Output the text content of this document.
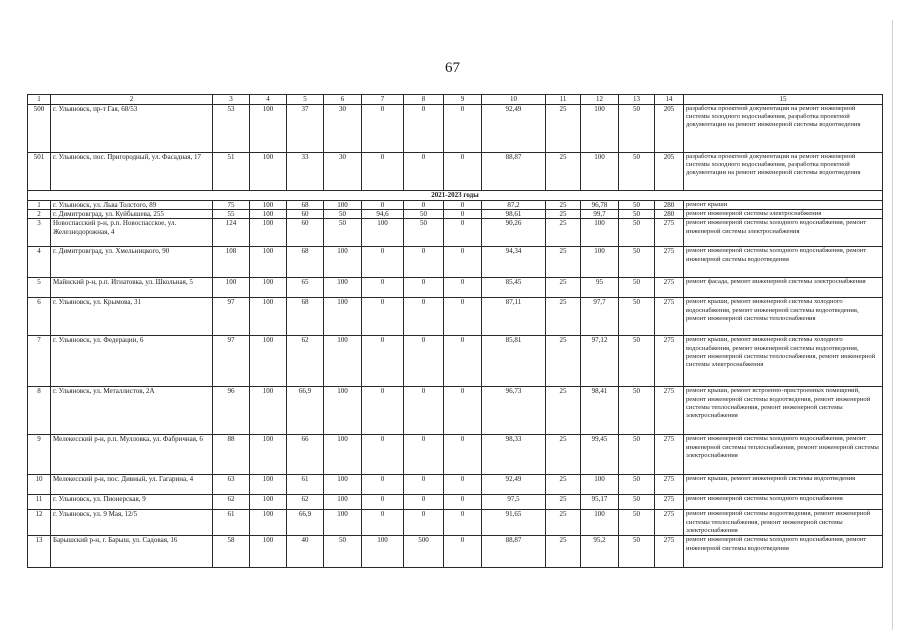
67
1	2	3	4	5	6	7	8	9	10	11	12	13	14	15
500	г. Ульяновск, пр-т Гая, 68/53	53	100	37	30	0	0	0	92,49	25	100	50	205	разработка проектной документации на ремонт инженерной системы холодного водоснабжения, разработка проектной документации на ремонт инженерной системы водоотведения
501	г. Ульяновск, пос. Пригородный, ул. Фасадная, 17	51	100	33	30	0	0	0	88,87	25	100	50	205	разработка проектной документации на ремонт инженерной системы холодного водоснабжения, разработка проектной документации на ремонт инженерной системы водоотведения
2021-2023 годы														
1	г. Ульяновск, ул. Льва Толстого, 89	75	100	68	100	0	0	0	87,2	25	96,78	50	280	ремонт крыши
2	г. Димитровград, ул. Куйбышева, 255	55	100	60	50	94,6	50	0	98,61	25	99,7	50	280	ремонт инженерной системы электроснабжения
3	Новоспасский р-н, р.п. Новоспасское, ул. Железнодорожная, 4	124	100	60	50	100	50	0	90,26	25	100	50	275	ремонт инженерной системы холодного водоснабжения, ремонт инженерной системы электроснабжения
4	г. Димитровград, ул. Хмельницкого, 90	108	100	68	100	0	0	0	94,34	25	100	50	275	ремонт инженерной системы холодного водоснабжения, ремонт инженерной системы водоотведения
5	Майнский р-н, р.п. Игнатовка, ул. Школьная, 5	100	100	65	100	0	0	0	85,45	25	95	50	275	ремонт фасада, ремонт инженерной системы электроснабжения
6	г. Ульяновск, ул. Крымова, 31	97	100	68	100	0	0	0	87,11	25	97,7	50	275	ремонт крыши, ремонт инженерной системы холодного водоснабжения, ремонт инженерной системы водоотведения, ремонт инженерной системы теплоснабжения
7	г. Ульяновск, ул. Федерации, 6	97	100	62	100	0	0	0	85,81	25	97,12	50	275	ремонт крыши, ремонт инженерной системы холодного водоснабжения, ремонт инженерной системы водоотведения, ремонт инженерной системы теплоснабжения, ремонт инженерной системы электроснабжения
8	г. Ульяновск, ул. Металлистов, 2А	96	100	66,9	100	0	0	0	96,73	25	98,41	50	275	ремонт крыши, ремонт встроенно-пристроенных помещений, ремонт инженерной системы водоотведения, ремонт инженерной системы теплоснабжения, ремонт инженерной системы электроснабжения
9	Мелекесский р-н, р.п. Мулловка, ул. Фабричная, 6	88	100	66	100	0	0	0	98,33	25	99,45	50	275	ремонт инженерной системы холодного водоснабжения, ремонт инженерной системы теплоснабжения, ремонт инженерной системы электроснабжения
10	Мелекесский р-н, пос. Дивный, ул. Гагарина, 4	63	100	61	100	0	0	0	92,49	25	100	50	275	ремонт крыши, ремонт инженерной системы водоотведения
11	г. Ульяновск, ул. Пионерская, 9	62	100	62	100	0	0	0	97,5	25	95,17	50	275	ремонт инженерной системы холодного водоснабжения
12	г. Ульяновск, ул. 9 Мая, 12/5	61	100	66,9	100	0	0	0	91,65	25	100	50	275	ремонт инженерной системы водоотведения, ремонт инженерной системы теплоснабжения, ремонт инженерной системы электроснабжения
13	Барышский р-н, г. Барыш, ул. Садовая, 16	58	100	40	50	100	500	0	88,87	25	95,2	50	275	ремонт инженерной системы холодного водоснабжения, ремонт инженерной системы водоотведения
